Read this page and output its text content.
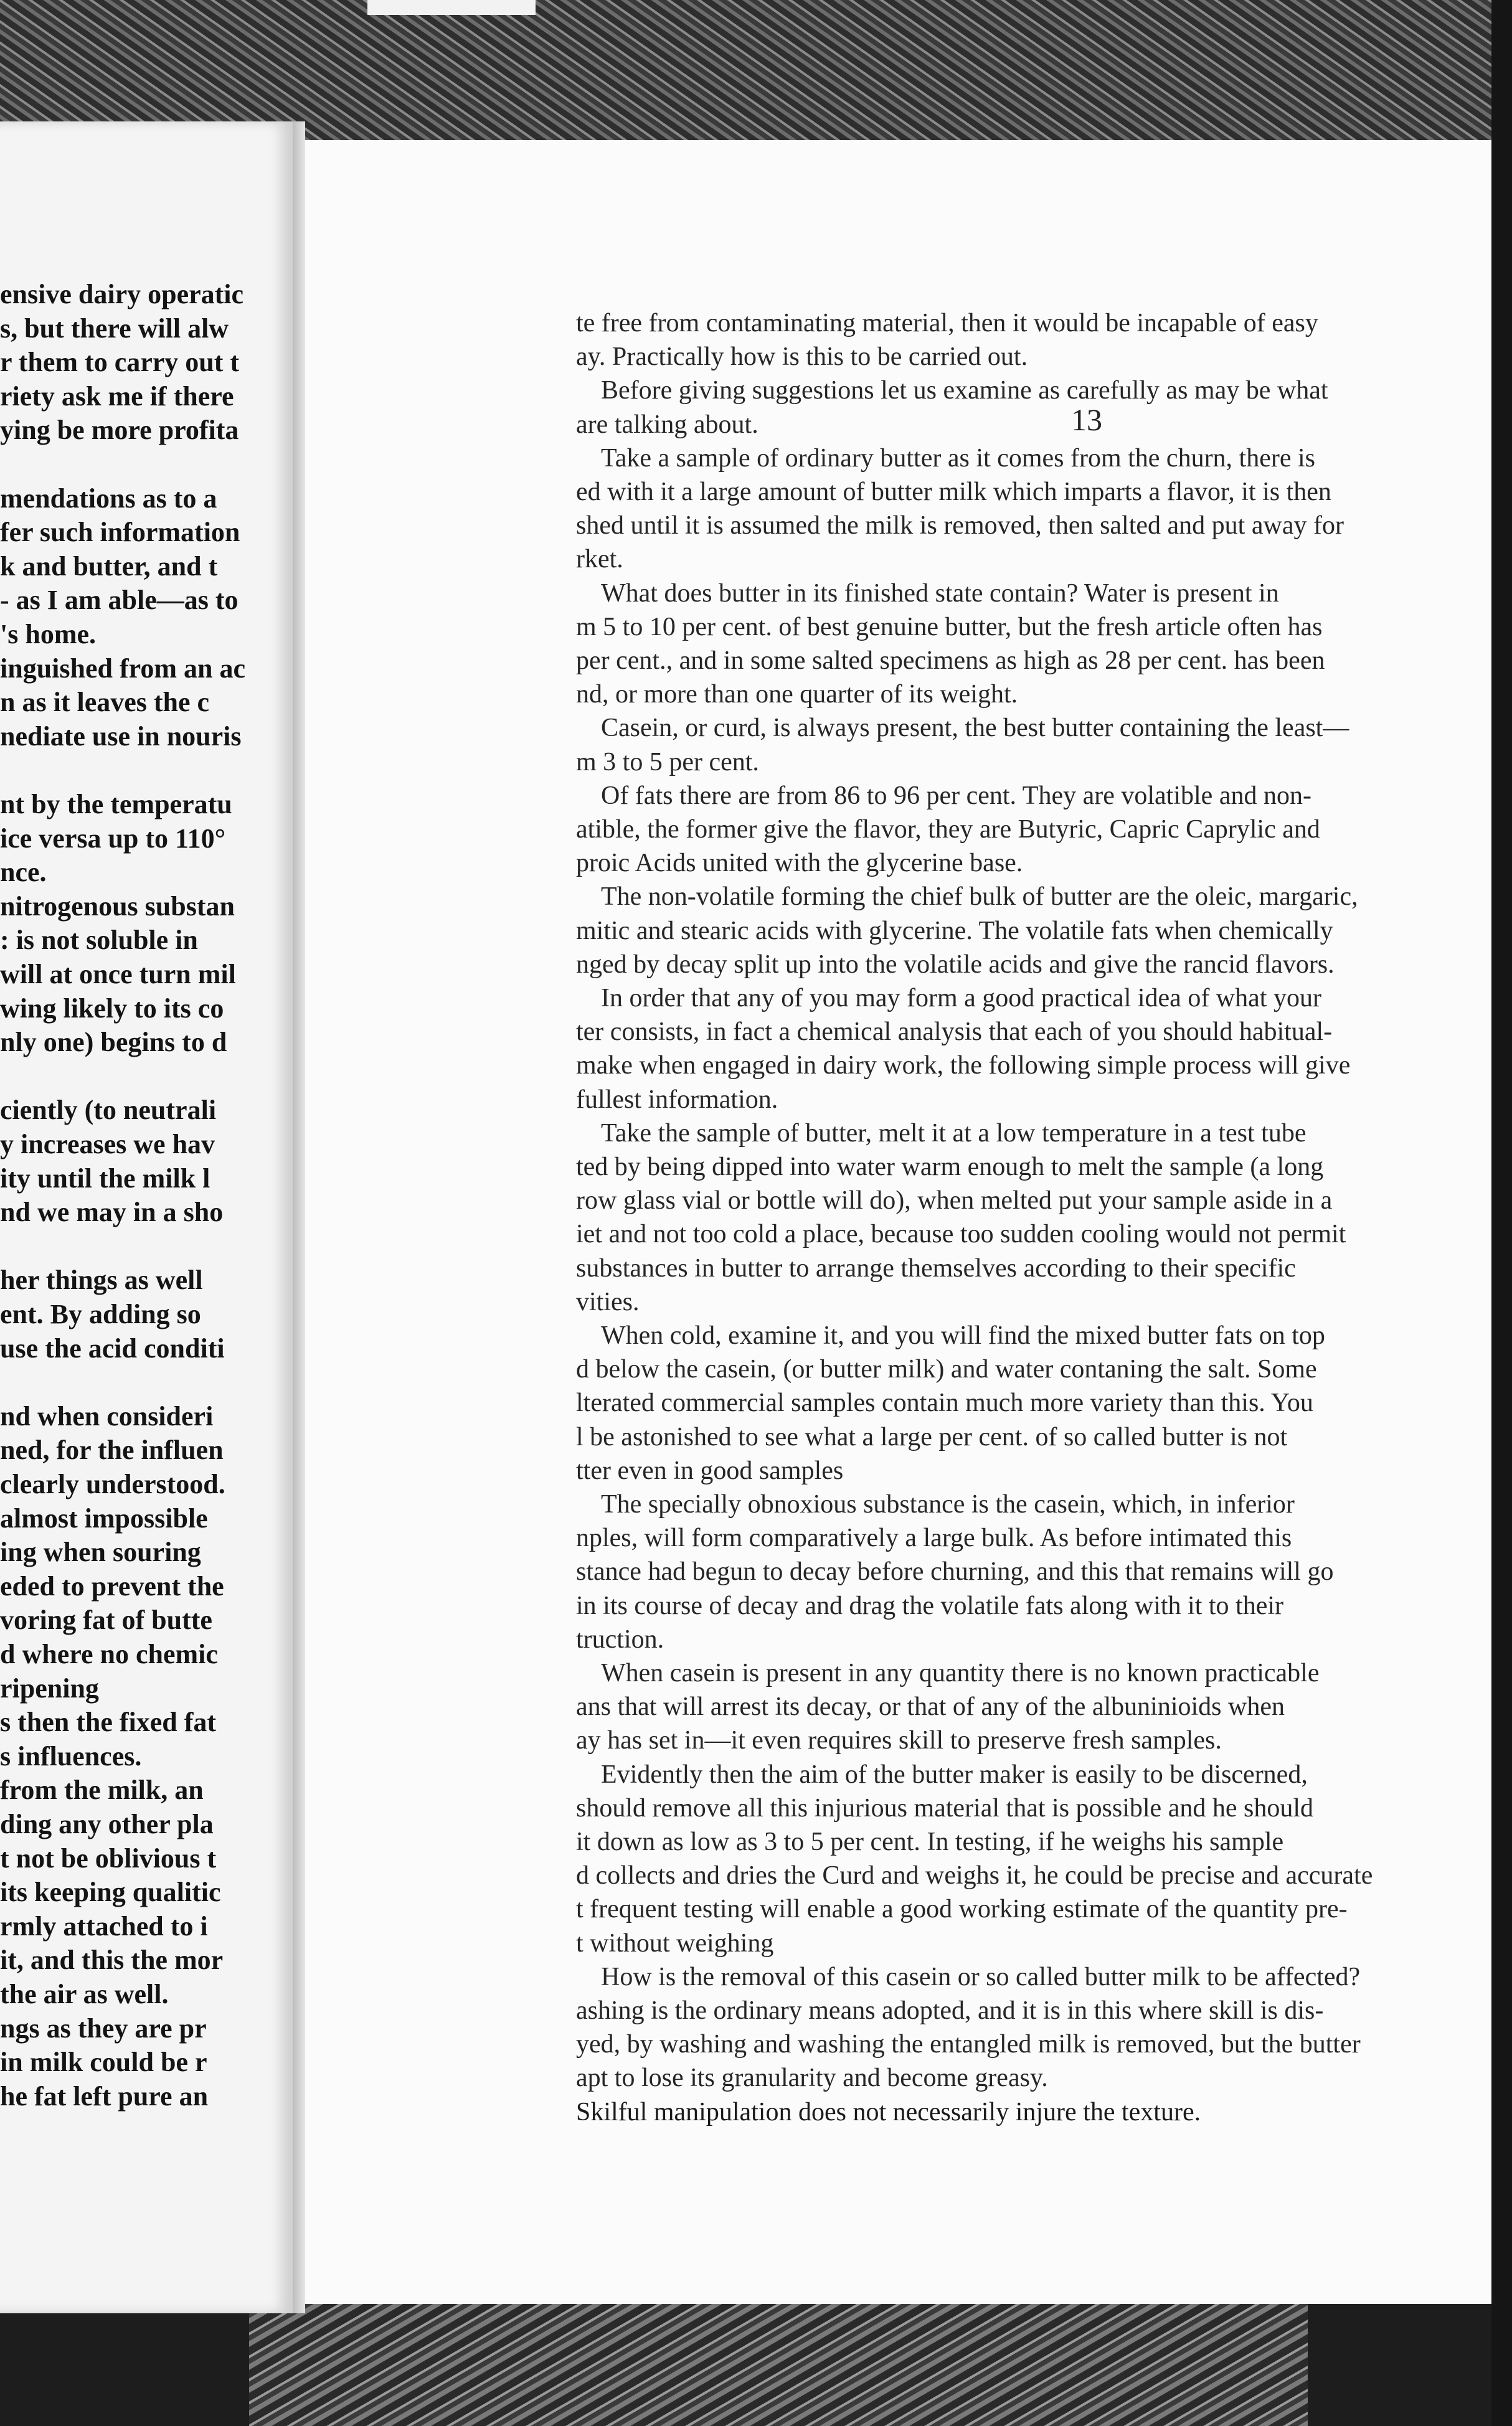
ensive dairy operatic
s, but there will alw
r them to carry out t
riety ask me if there
ying be more profita
mendations as to a
fer such information
k and butter, and t
- as I am able—as to
's home.
inguished from an ac
n as it leaves the c
nediate use in nouris
nt by the temperatu
ice versa up to 110°
nce.
nitrogenous substan
: is not soluble in
will at once turn mil
wing likely to its co
nly one) begins to d
ciently (to neutrali
y increases we hav
ity until the milk l
nd we may in a sho
her things as well
ent. By adding so
use the acid conditi
nd when consideri
ned, for the influen
clearly understood.
almost impossible
ing when souring
eded to prevent the
voring fat of butte
d where no chemic
ripening
s then the fixed fat
s influences.
from the milk, an
ding any other pla
t not be oblivious t
its keeping qualitic
rmly attached to i
it, and this the mor
the air as well.
ngs as they are pr
in milk could be r
he fat left pure an
13
te free from contaminating material, then it would be incapable of easy
ay. Practically how is this to be carried out.
Before giving suggestions let us examine as carefully as may be what
are talking about.
Take a sample of ordinary butter as it comes from the churn, there is
ed with it a large amount of butter milk which imparts a flavor, it is then
shed until it is assumed the milk is removed, then salted and put away for
rket.
What does butter in its finished state contain? Water is present in
m 5 to 10 per cent. of best genuine butter, but the fresh article often has
per cent., and in some salted specimens as high as 28 per cent. has been
nd, or more than one quarter of its weight.
Casein, or curd, is always present, the best butter containing the least—
m 3 to 5 per cent.
Of fats there are from 86 to 96 per cent. They are volatible and non-
atible, the former give the flavor, they are Butyric, Capric Caprylic and
proic Acids united with the glycerine base.
The non-volatile forming the chief bulk of butter are the oleic, margaric,
mitic and stearic acids with glycerine. The volatile fats when chemically
nged by decay split up into the volatile acids and give the rancid flavors.
In order that any of you may form a good practical idea of what your
ter consists, in fact a chemical analysis that each of you should habitual-
make when engaged in dairy work, the following simple process will give
fullest information.
Take the sample of butter, melt it at a low temperature in a test tube
ted by being dipped into water warm enough to melt the sample (a long
row glass vial or bottle will do), when melted put your sample aside in a
iet and not too cold a place, because too sudden cooling would not permit
substances in butter to arrange themselves according to their specific
vities.
When cold, examine it, and you will find the mixed butter fats on top
d below the casein, (or butter milk) and water contaning the salt. Some
lterated commercial samples contain much more variety than this. You
l be astonished to see what a large per cent. of so called butter is not
tter even in good samples
The specially obnoxious substance is the casein, which, in inferior
nples, will form comparatively a large bulk. As before intimated this
stance had begun to decay before churning, and this that remains will go
in its course of decay and drag the volatile fats along with it to their
truction.
When casein is present in any quantity there is no known practicable
ans that will arrest its decay, or that of any of the albuninioids when
ay has set in—it even requires skill to preserve fresh samples.
Evidently then the aim of the butter maker is easily to be discerned,
should remove all this injurious material that is possible and he should
it down as low as 3 to 5 per cent. In testing, if he weighs his sample
d collects and dries the Curd and weighs it, he could be precise and accurate
t frequent testing will enable a good working estimate of the quantity pre-
t without weighing
How is the removal of this casein or so called butter milk to be affected?
ashing is the ordinary means adopted, and it is in this where skill is dis-
yed, by washing and washing the entangled milk is removed, but the butter
apt to lose its granularity and become greasy.
Skilful manipulation does not necessarily injure the texture.
